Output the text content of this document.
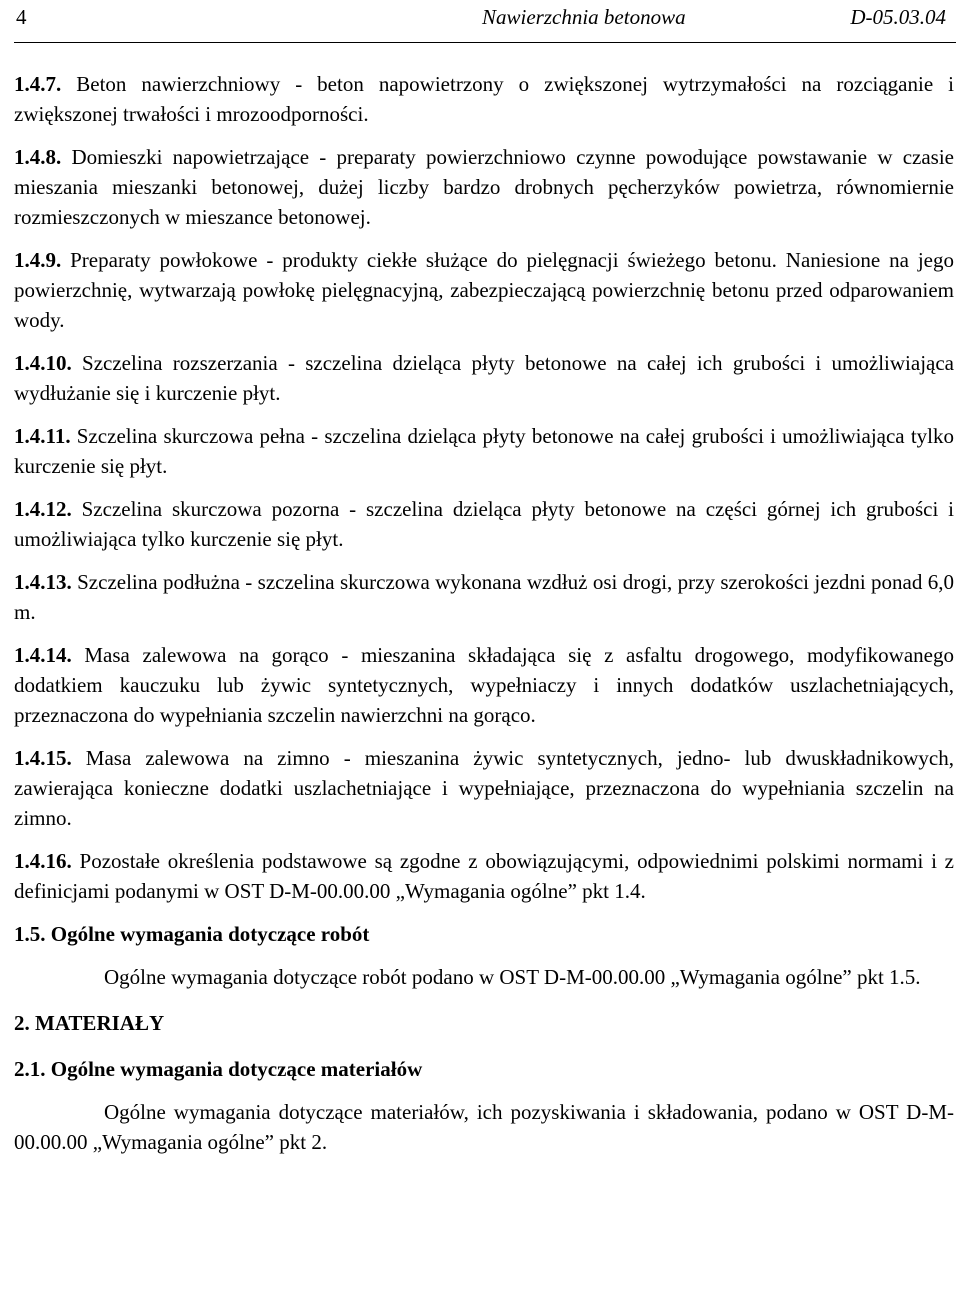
4	Nawierzchnia betonowa	D-05.03.04

1.4.7. Beton nawierzchniowy - beton napowietrzony o zwiększonej wytrzymałości na rozciąganie i zwiększonej trwałości i mrozoodporności.

1.4.8. Domieszki napowietrzające - preparaty powierzchniowo czynne powodujące powstawanie w czasie mieszania mieszanki betonowej, dużej liczby bardzo drobnych pęcherzyków powietrza, równomiernie rozmieszczonych w mieszance betonowej.

1.4.9. Preparaty powłokowe - produkty ciekłe służące do pielęgnacji świeżego betonu. Naniesione na jego powierzchnię, wytwarzają powłokę pielęgnacyjną, zabezpieczającą powierzchnię betonu przed odparowaniem wody.

1.4.10. Szczelina rozszerzania - szczelina dzieląca płyty betonowe na całej ich grubości i umożliwiająca wydłużanie się i kurczenie płyt.

1.4.11. Szczelina skurczowa pełna - szczelina dzieląca płyty betonowe na całej grubości i umożliwiająca tylko kurczenie się płyt.

1.4.12. Szczelina skurczowa pozorna - szczelina dzieląca płyty betonowe na części górnej ich grubości i umożliwiająca tylko kurczenie się płyt.

1.4.13. Szczelina podłużna - szczelina skurczowa wykonana wzdłuż osi drogi, przy szerokości jezdni ponad 6,0 m.

1.4.14. Masa zalewowa na gorąco - mieszanina składająca się z asfaltu drogowego, modyfikowanego dodatkiem kauczuku lub żywic syntetycznych, wypełniaczy i innych dodatków uszlachetniających, przeznaczona do wypełniania szczelin nawierzchni na gorąco.

1.4.15. Masa zalewowa na zimno - mieszanina żywic syntetycznych, jedno- lub dwuskładnikowych, zawierająca konieczne dodatki uszlachetniające i wypełniające, przeznaczona do wypełniania szczelin na zimno.

1.4.16. Pozostałe określenia podstawowe są zgodne z obowiązującymi, odpowiednimi polskimi normami i z definicjami podanymi w OST D-M-00.00.00 „Wymagania ogólne” pkt 1.4.

1.5. Ogólne wymagania dotyczące robót

Ogólne wymagania dotyczące robót podano w OST D-M-00.00.00 „Wymagania ogólne” pkt 1.5.

2. MATERIAŁY

2.1. Ogólne wymagania dotyczące materiałów

Ogólne wymagania dotyczące materiałów, ich pozyskiwania i składowania, podano w OST D-M-00.00.00 „Wymagania ogólne” pkt 2.
